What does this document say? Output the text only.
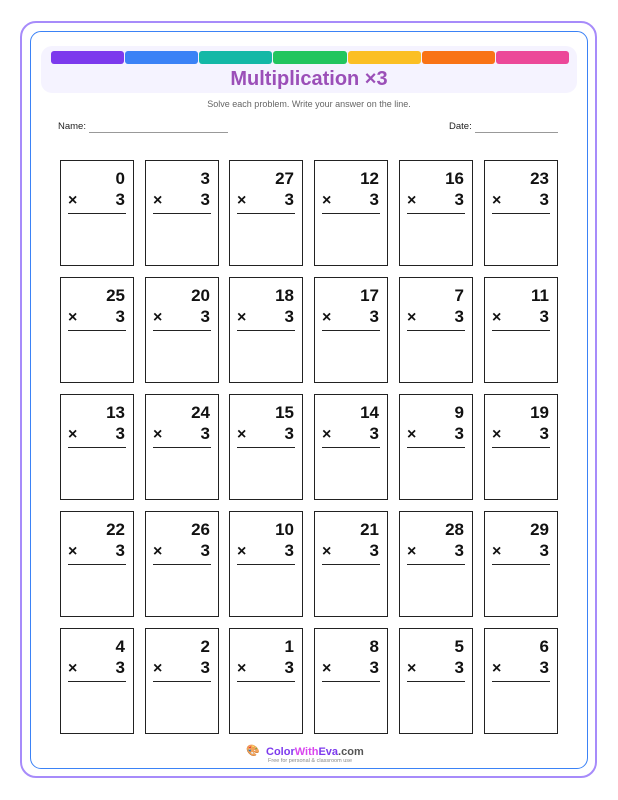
Multiplication ×3
Solve each problem. Write your answer on the line.
Name:	Date:
0
× 3
3
× 3
27
× 3
12
× 3
16
× 3
23
× 3
25
× 3
20
× 3
18
× 3
17
× 3
7
× 3
11
× 3
13
× 3
24
× 3
15
× 3
14
× 3
9
× 3
19
× 3
22
× 3
26
× 3
10
× 3
21
× 3
28
× 3
29
× 3
4
× 3
2
× 3
1
× 3
8
× 3
5
× 3
6
× 3
🎨 ColorWithEva.com
Free for personal & classroom use
